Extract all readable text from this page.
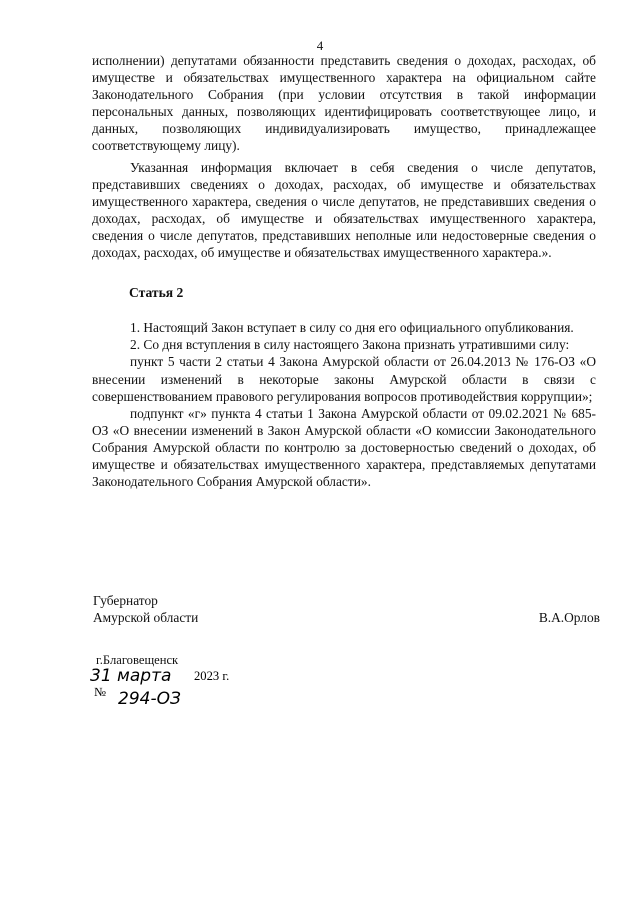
4

исполнении) депутатами обязанности представить сведения о доходах, расходах, об имуществе и обязательствах имущественного характера на официальном сайте Законодательного Собрания (при условии отсутствия в такой информации персональных данных, позволяющих идентифицировать соответствующее лицо, и данных, позволяющих индивидуализировать имущество, принадлежащее соответствующему лицу).

Указанная информация включает в себя сведения о числе депутатов, представивших сведениях о доходах, расходах, об имуществе и обязательствах имущественного характера, сведения о числе депутатов, не представивших сведения о доходах, расходах, об имуществе и обязательствах имущественного характера, сведения о числе депутатов, представивших неполные или недостоверные сведения о доходах, расходах, об имуществе и обязательствах имущественного характера.».

Статья 2

1. Настоящий Закон вступает в силу со дня его официального опубликования.

2. Со дня вступления в силу настоящего Закона признать утратившими силу:

пункт 5 части 2 статьи 4 Закона Амурской области от 26.04.2013 № 176-ОЗ «О внесении изменений в некоторые законы Амурской области в связи с совершенствованием правового регулирования вопросов противодействия коррупции»;

подпункт «г» пункта 4 статьи 1 Закона Амурской области от 09.02.2021 № 685-ОЗ «О внесении изменений в Закон Амурской области «О комиссии Законодательного Собрания Амурской области по контролю за достоверностью сведений о доходах, об имуществе и обязательствах имущественного характера, представляемых депутатами Законодательного Собрания Амурской области».

Губернатор
Амурской области	В.А.Орлов
г.Благовещенск
31 марта 2023 г.
№ 294-ОЗ
